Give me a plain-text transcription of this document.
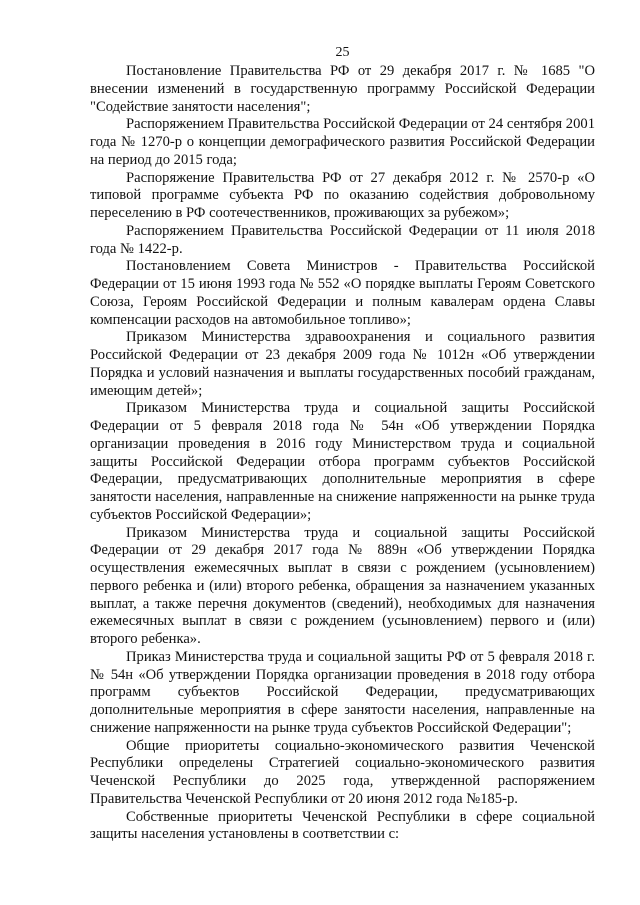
25

Постановление Правительства РФ от 29 декабря 2017 г. № 1685 "О внесении изменений в государственную программу Российской Федерации "Содействие занятости населения";

Распоряжением Правительства Российской Федерации от 24 сентября 2001 года № 1270-р о концепции демографического развития Российской Федерации на период до 2015 года;

Распоряжение Правительства РФ от 27 декабря 2012 г. № 2570-р «О типовой программе субъекта РФ по оказанию содействия добровольному переселению в РФ соотечественников, проживающих за рубежом»;

Распоряжением Правительства Российской Федерации от 11 июля 2018 года № 1422-р.

Постановлением Совета Министров - Правительства Российской Федерации от 15 июня 1993 года № 552 «О порядке выплаты Героям Советского Союза, Героям Российской Федерации и полным кавалерам ордена Славы компенсации расходов на автомобильное топливо»;

Приказом Министерства здравоохранения и социального развития Российской Федерации от 23 декабря 2009 года № 1012н «Об утверждении Порядка и условий назначения и выплаты государственных пособий гражданам, имеющим детей»;

Приказом Министерства труда и социальной защиты Российской Федерации от 5 февраля 2018 года № 54н «Об утверждении Порядка организации проведения в 2016 году Министерством труда и социальной защиты Российской Федерации отбора программ субъектов Российской Федерации, предусматривающих дополнительные мероприятия в сфере занятости населения, направленные на снижение напряженности на рынке труда субъектов Российской Федерации»;

Приказом Министерства труда и социальной защиты Российской Федерации от 29 декабря 2017 года № 889н «Об утверждении Порядка осуществления ежемесячных выплат в связи с рождением (усыновлением) первого ребенка и (или) второго ребенка, обращения за назначением указанных выплат, а также перечня документов (сведений), необходимых для назначения ежемесячных выплат в связи с рождением (усыновлением) первого и (или) второго ребенка».

Приказ Министерства труда и социальной защиты РФ от 5 февраля 2018 г. № 54н «Об утверждении Порядка организации проведения в 2018 году отбора программ субъектов Российской Федерации, предусматривающих дополнительные мероприятия в сфере занятости населения, направленные на снижение напряженности на рынке труда субъектов Российской Федерации";

Общие приоритеты социально-экономического развития Чеченской Республики определены Стратегией социально-экономического развития Чеченской Республики до 2025 года, утвержденной распоряжением Правительства Чеченской Республики от 20 июня 2012 года №185-р.

Собственные приоритеты Чеченской Республики в сфере социальной защиты населения установлены в соответствии с:
